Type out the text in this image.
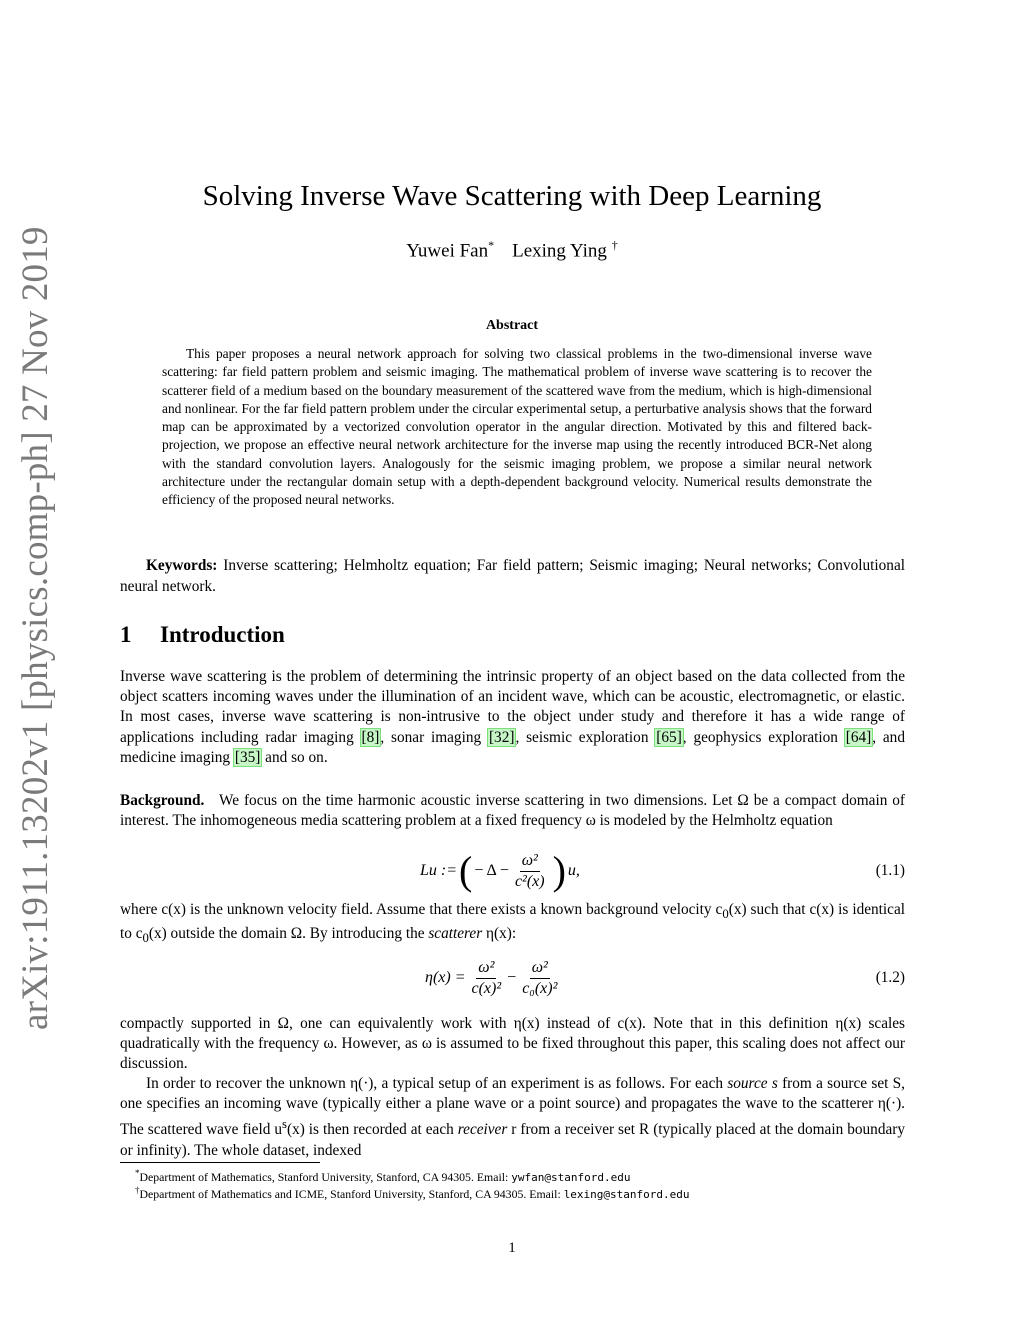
arXiv:1911.13202v1 [physics.comp-ph] 27 Nov 2019
Solving Inverse Wave Scattering with Deep Learning
Yuwei Fan* Lexing Ying †
Abstract
This paper proposes a neural network approach for solving two classical problems in the two-dimensional inverse wave scattering: far field pattern problem and seismic imaging. The mathematical problem of inverse wave scattering is to recover the scatterer field of a medium based on the boundary measurement of the scattered wave from the medium, which is high-dimensional and nonlinear. For the far field pattern problem under the circular experimental setup, a perturbative analysis shows that the forward map can be approximated by a vectorized convolution operator in the angular direction. Motivated by this and filtered back-projection, we propose an effective neural network architecture for the inverse map using the recently introduced BCR-Net along with the standard convolution layers. Analogously for the seismic imaging problem, we propose a similar neural network architecture under the rectangular domain setup with a depth-dependent background velocity. Numerical results demonstrate the efficiency of the proposed neural networks.
Keywords: Inverse scattering; Helmholtz equation; Far field pattern; Seismic imaging; Neural networks; Convolutional neural network.
1 Introduction
Inverse wave scattering is the problem of determining the intrinsic property of an object based on the data collected from the object scatters incoming waves under the illumination of an incident wave, which can be acoustic, electromagnetic, or elastic. In most cases, inverse wave scattering is non-intrusive to the object under study and therefore it has a wide range of applications including radar imaging [8], sonar imaging [32], seismic exploration [65], geophysics exploration [64], and medicine imaging [35] and so on.
Background. We focus on the time harmonic acoustic inverse scattering in two dimensions. Let Ω be a compact domain of interest. The inhomogeneous media scattering problem at a fixed frequency ω is modeled by the Helmholtz equation
Lu := ( − $\Delta - \frac{\text{ω²}}{\text{c²(x)}}$ ) u,	(1.1)
where c(x) is the unknown velocity field. Assume that there exists a known background velocity $c_0(x)$ such that c(x) is identical to $c_0(x)$ outside the domain Ω. By introducing the scatterer η(x):
$\eta(x) = \frac{\text{ω²}}{\text{c(x)²}} - \frac{\text{ω²}}{\text{c₀(x)²}}$	(1.2)
compactly supported in Ω, one can equivalently work with η(x) instead of c(x). Note that in this definition η(x) scales quadratically with the frequency ω. However, as ω is assumed to be fixed throughout this paper, this scaling does not affect our discussion.
In order to recover the unknown η(·), a typical setup of an experiment is as follows. For each source s from a source set S, one specifies an incoming wave (typically either a plane wave or a point source) and propagates the wave to the scatterer η(·). The scattered wave field $u^s(x)$ is then recorded at each receiver r from a receiver set R (typically placed at the domain boundary or infinity). The whole dataset, indexed
*Department of Mathematics, Stanford University, Stanford, CA 94305. Email: ywfan@stanford.edu
†Department of Mathematics and ICME, Stanford University, Stanford, CA 94305. Email: lexing@stanford.edu
1
